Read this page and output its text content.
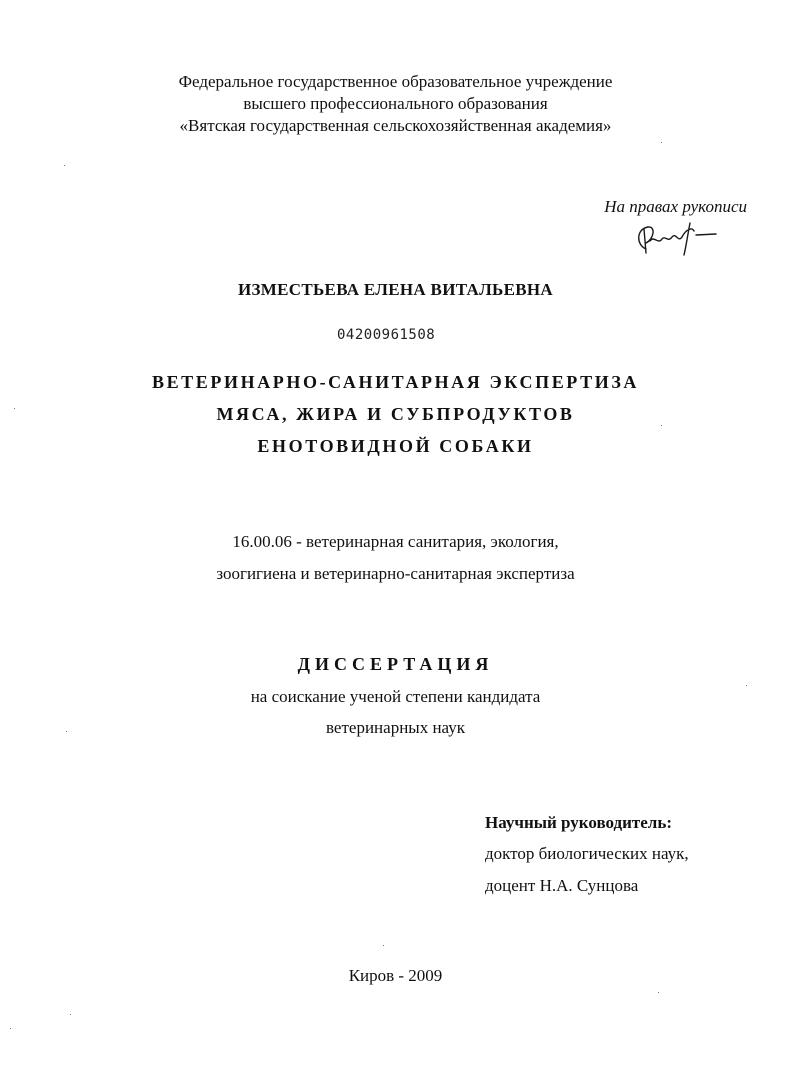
Федеральное государственное образовательное учреждение
высшего профессионального образования
«Вятская государственная сельскохозяйственная академия»
На правах рукописи
ИЗМЕСТЬЕВА ЕЛЕНА ВИТАЛЬЕВНА
04200961508
ВЕТЕРИНАРНО-САНИТАРНАЯ ЭКСПЕРТИЗА
МЯСА, ЖИРА И СУБПРОДУКТОВ
ЕНОТОВИДНОЙ СОБАКИ
16.00.06 - ветеринарная санитария, экология,
зоогигиена и ветеринарно-санитарная экспертиза
ДИССЕРТАЦИЯ
на соискание ученой степени кандидата
ветеринарных наук
Научный руководитель:
доктор биологических наук,
доцент Н.А. Сунцова
Киров - 2009
